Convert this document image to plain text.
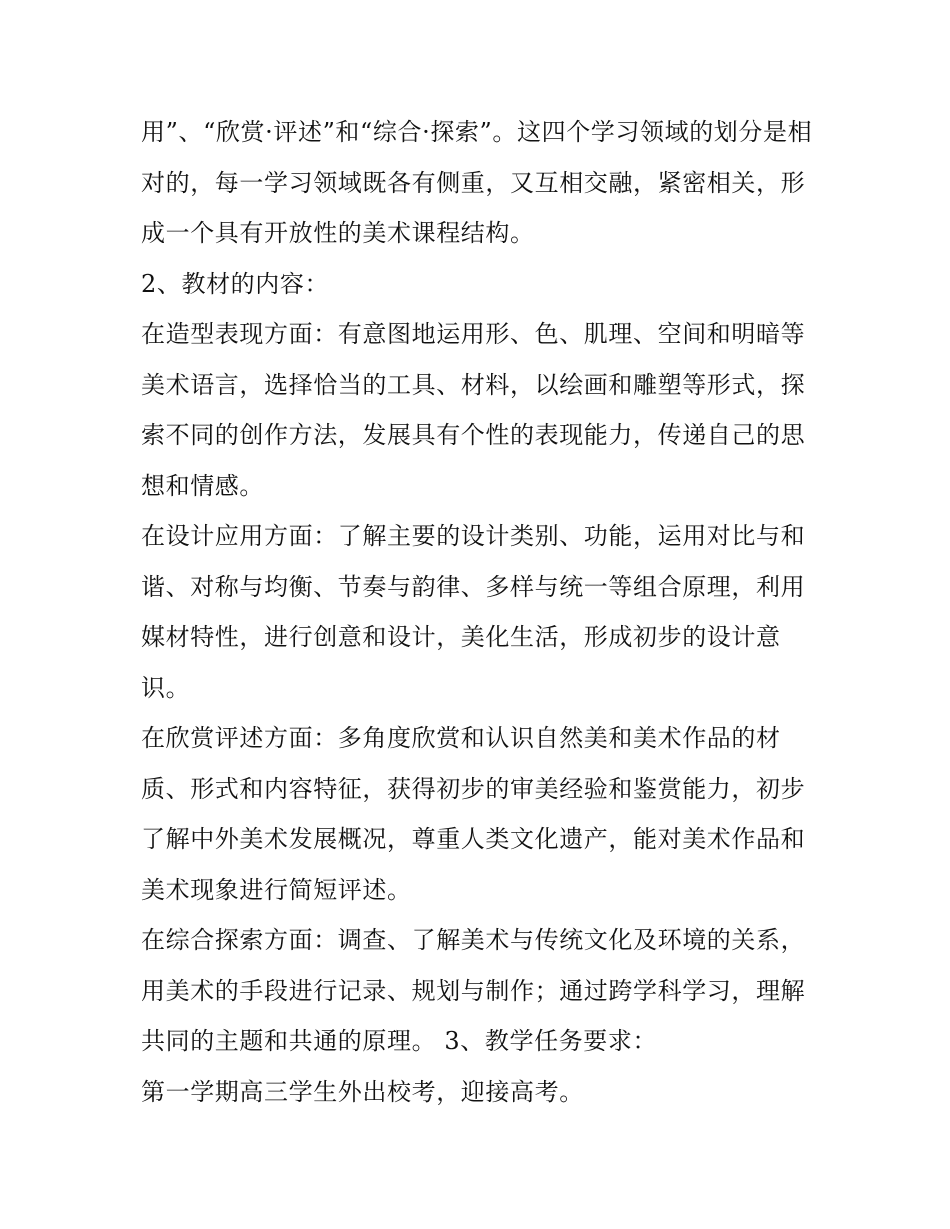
用”、“欣赏·评述”和“综合·探索”。这四个学习领域的划分是相
对的，每一学习领域既各有侧重，又互相交融，紧密相关，形
成一个具有开放性的美术课程结构。
2、教材的内容：
在造型表现方面：有意图地运用形、色、肌理、空间和明暗等
美术语言，选择恰当的工具、材料，以绘画和雕塑等形式，探
索不同的创作方法，发展具有个性的表现能力，传递自己的思
想和情感。
在设计应用方面：了解主要的设计类别、功能，运用对比与和
谐、对称与均衡、节奏与韵律、多样与统一等组合原理，利用
媒材特性，进行创意和设计，美化生活，形成初步的设计意
识。
在欣赏评述方面：多角度欣赏和认识自然美和美术作品的材
质、形式和内容特征，获得初步的审美经验和鉴赏能力，初步
了解中外美术发展概况，尊重人类文化遗产，能对美术作品和
美术现象进行简短评述。
在综合探索方面：调查、了解美术与传统文化及环境的关系，
用美术的手段进行记录、规划与制作；通过跨学科学习，理解
共同的主题和共通的原理。 3、教学任务要求：
第一学期高三学生外出校考，迎接高考。
